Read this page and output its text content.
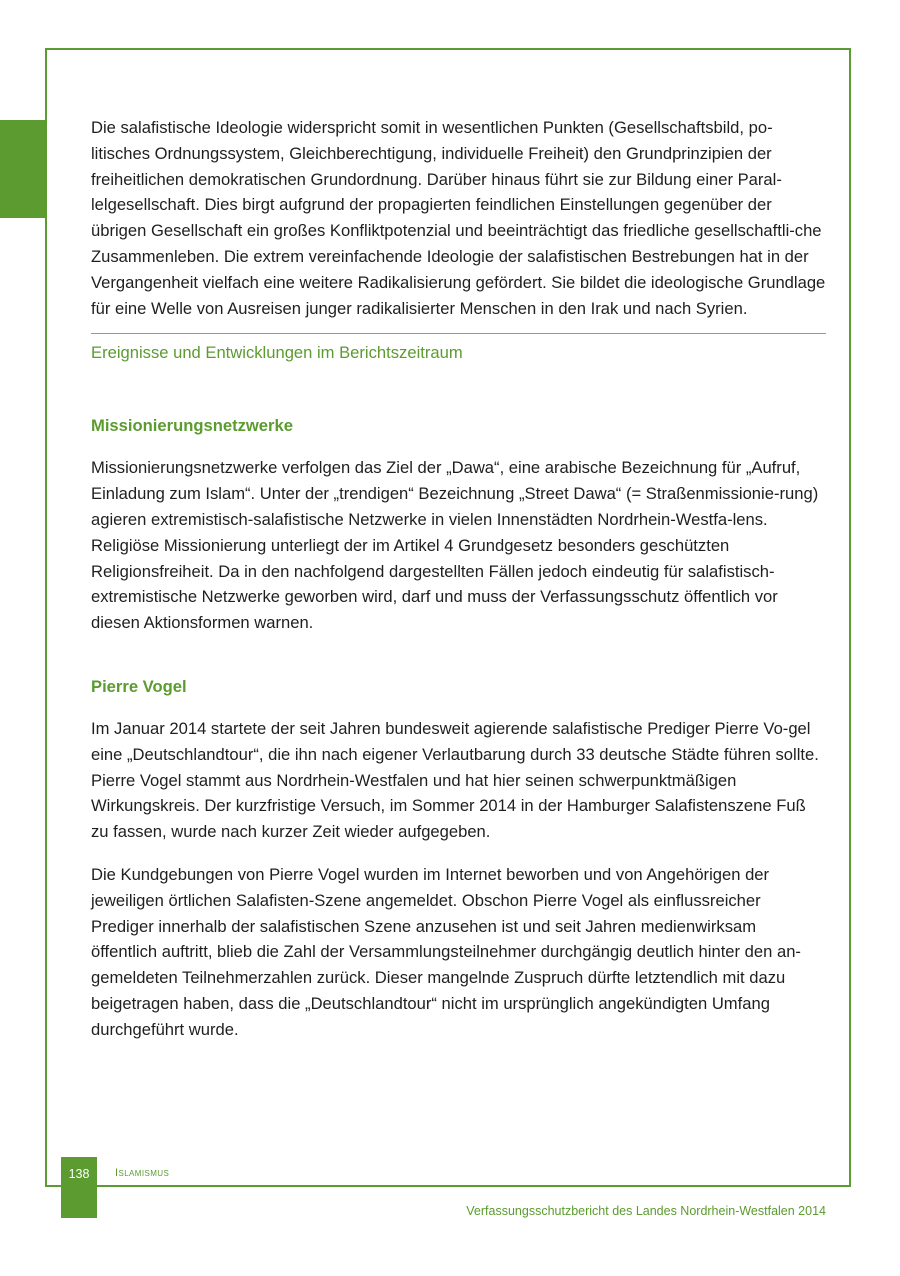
Die salafistische Ideologie widerspricht somit in wesentlichen Punkten (Gesellschaftsbild, po-litisches Ordnungssystem, Gleichberechtigung, individuelle Freiheit) den Grundprinzipien der freiheitlichen demokratischen Grundordnung. Darüber hinaus führt sie zur Bildung einer Paral-lelgesellschaft. Dies birgt aufgrund der propagierten feindlichen Einstellungen gegenüber der übrigen Gesellschaft ein großes Konfliktpotenzial und beeinträchtigt das friedliche gesellschaftli-che Zusammenleben. Die extrem vereinfachende Ideologie der salafistischen Bestrebungen hat in der Vergangenheit vielfach eine weitere Radikalisierung gefördert. Sie bildet die ideologische Grundlage für eine Welle von Ausreisen junger radikalisierter Menschen in den Irak und nach Syrien.

Ereignisse und Entwicklungen im Berichtszeitraum

Missionierungsnetzwerke

Missionierungsnetzwerke verfolgen das Ziel der „Dawa“, eine arabische Bezeichnung für „Aufruf, Einladung zum Islam“. Unter der „trendigen“ Bezeichnung „Street Dawa“ (= Straßenmissionie-rung) agieren extremistisch-salafistische Netzwerke in vielen Innenstädten Nordrhein-Westfa-lens. Religiöse Missionierung unterliegt der im Artikel 4 Grundgesetz besonders geschützten Religionsfreiheit. Da in den nachfolgend dargestellten Fällen jedoch eindeutig für salafistisch-extremistische Netzwerke geworben wird, darf und muss der Verfassungsschutz öffentlich vor diesen Aktionsformen warnen.

Pierre Vogel

Im Januar 2014 startete der seit Jahren bundesweit agierende salafistische Prediger Pierre Vo-gel eine „Deutschlandtour“, die ihn nach eigener Verlautbarung durch 33 deutsche Städte führen sollte. Pierre Vogel stammt aus Nordrhein-Westfalen und hat hier seinen schwerpunktmäßigen Wirkungskreis. Der kurzfristige Versuch, im Sommer 2014 in der Hamburger Salafistenszene Fuß zu fassen, wurde nach kurzer Zeit wieder aufgegeben.

Die Kundgebungen von Pierre Vogel wurden im Internet beworben und von Angehörigen der jeweiligen örtlichen Salafisten-Szene angemeldet. Obschon Pierre Vogel als einflussreicher Prediger innerhalb der salafistischen Szene anzusehen ist und seit Jahren medienwirksam öffentlich auftritt, blieb die Zahl der Versammlungsteilnehmer durchgängig deutlich hinter den an-gemeldeten Teilnehmerzahlen zurück. Dieser mangelnde Zuspruch dürfte letztendlich mit dazu beigetragen haben, dass die „Deutschlandtour“ nicht im ursprünglich angekündigten Umfang durchgeführt wurde.

138	Islamismus
Verfassungsschutzbericht des Landes Nordrhein-Westfalen 2014
